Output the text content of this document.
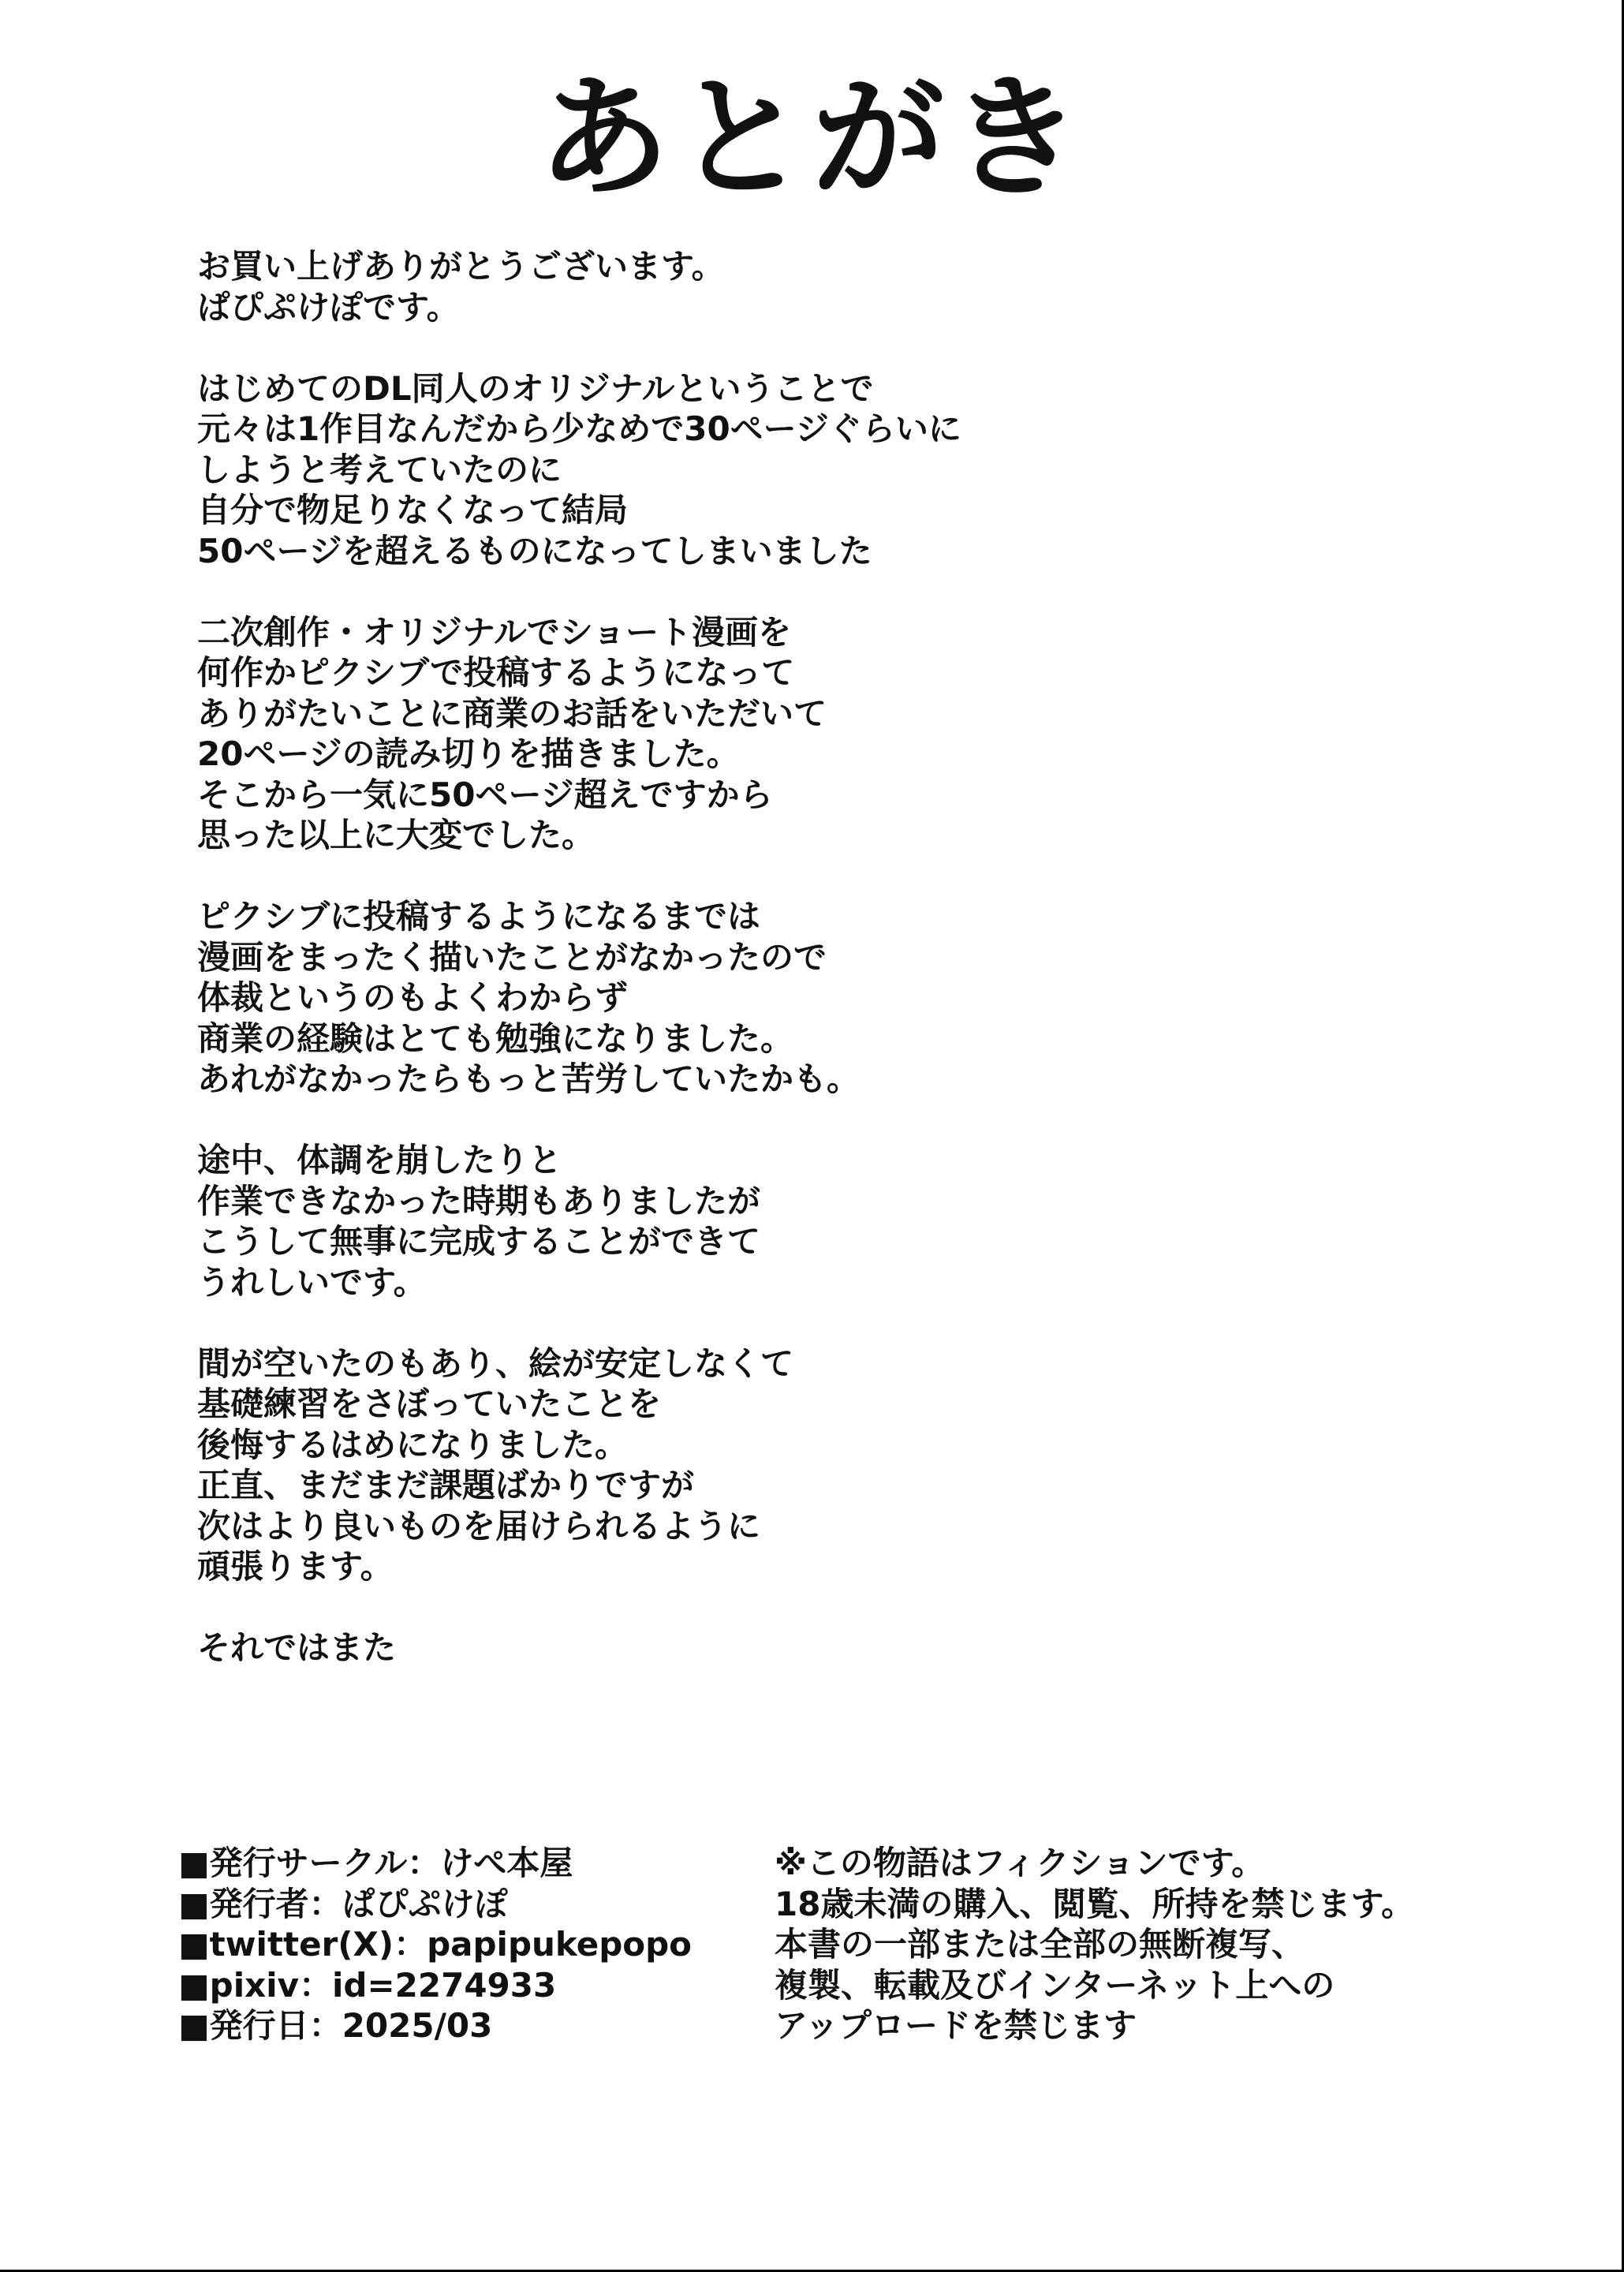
あとがき
お買い上げありがとうございます。
ぱぴぷけぽです。
はじめてのDL同人のオリジナルということで
元々は1作目なんだから少なめで30ページぐらいに
しようと考えていたのに
自分で物足りなくなって結局
50ページを超えるものになってしまいました
二次創作・オリジナルでショート漫画を
何作かピクシブで投稿するようになって
ありがたいことに商業のお話をいただいて
20ページの読み切りを描きました。
そこから一気に50ページ超えですから
思った以上に大変でした。
ピクシブに投稿するようになるまでは
漫画をまったく描いたことがなかったので
体裁というのもよくわからず
商業の経験はとても勉強になりました。
あれがなかったらもっと苦労していたかも。
途中、体調を崩したりと
作業できなかった時期もありましたが
こうして無事に完成することができて
うれしいです。
間が空いたのもあり、絵が安定しなくて
基礎練習をさぼっていたことを
後悔するはめになりました。
正直、まだまだ課題ばかりですが
次はより良いものを届けられるように
頑張ります。
それではまた
■発行サークル：けぺ本屋
■発行者：ぱぴぷけぽ
■twitter(X)：papipukepopo
■pixiv：id=2274933
■発行日：2025/03
※この物語はフィクションです。
18歳未満の購入、閲覧、所持を禁じます。
本書の一部または全部の無断複写、
複製、転載及びインターネット上への
アップロードを禁じます
